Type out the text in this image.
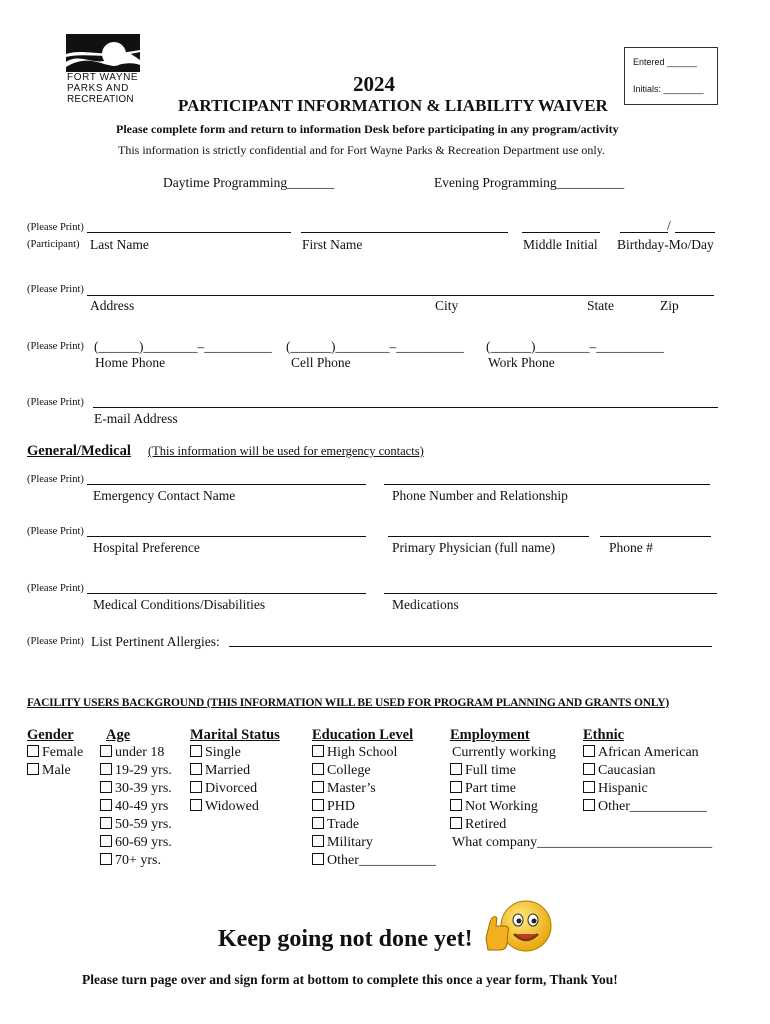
FORT WAYNE
PARKS AND
RECREATION
Entered ______
Initials: ________
2024
PARTICIPANT INFORMATION & LIABILITY WAIVER
Please complete form and return to information Desk before participating in any program/activity
This information is strictly confidential and for Fort Wayne Parks & Recreation Department use only.
Daytime Programming_______	Evening Programming__________
(Please Print)	/
(Participant) Last Name	First Name	Middle Initial Birthday-Mo/Day
(Please Print)
Address	City	State	Zip
(Please Print) (______)________–__________ (______)________–__________ (______)________–__________
Home Phone	Cell Phone	Work Phone
(Please Print)
E-mail Address
General/Medical (This information will be used for emergency contacts)
(Please Print)
Emergency Contact Name	Phone Number and Relationship
(Please Print)
Hospital Preference	Primary Physician (full name)	Phone #
(Please Print)
Medical Conditions/Disabilities	Medications
(Please Print) List Pertinent Allergies:
FACILITY USERS BACKGROUND (THIS INFORMATION WILL BE USED FOR PROGRAM PLANNING AND GRANTS ONLY)
Gender
Female
Male
Age
under 18
19-29 yrs.
30-39 yrs.
40-49 yrs
50-59 yrs.
60-69 yrs.
70+ yrs.
Marital Status
Single
Married
Divorced
Widowed
Education Level
High School
College
Master’s
PHD
Trade
Military
Other___________
Employment
Currently working
Full time
Part time
Not Working
Retired
What company_________________________
Ethnic
African American
Caucasian
Hispanic
Other___________
Keep going not done yet!
Please turn page over and sign form at bottom to complete this once a year form, Thank You!
